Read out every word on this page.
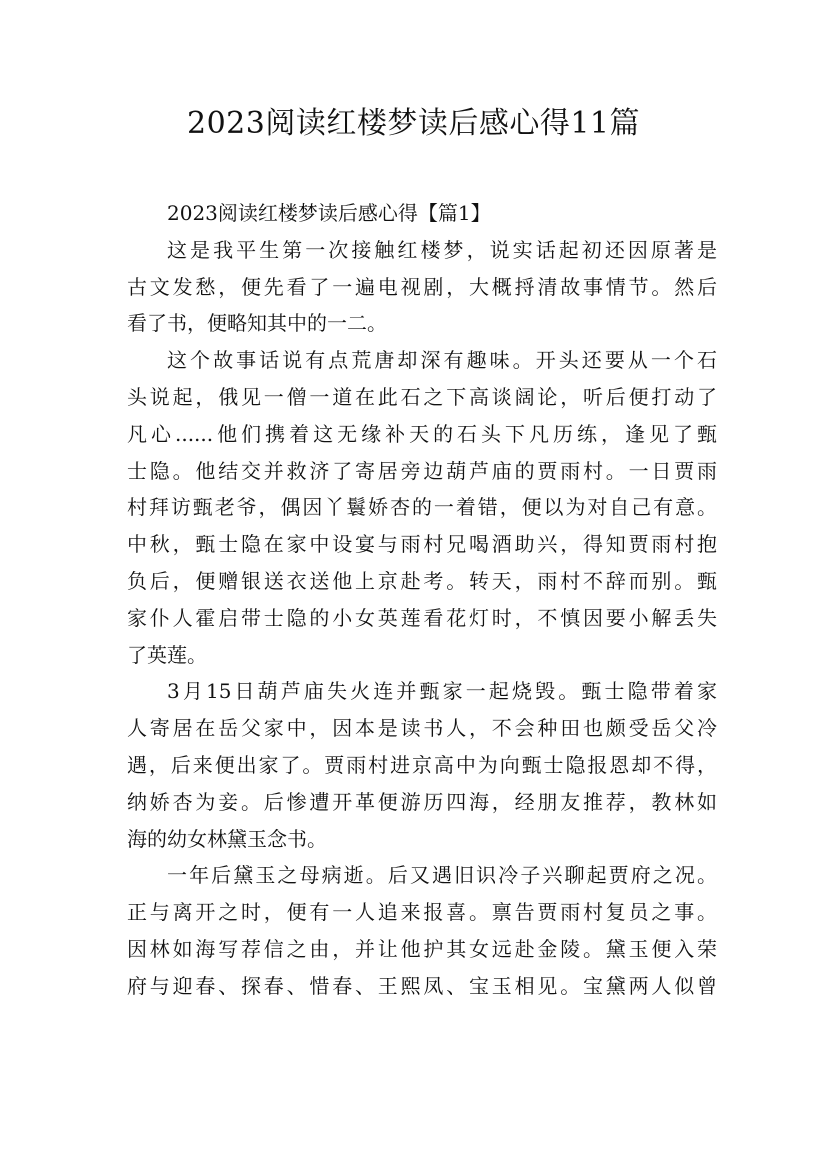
2023阅读红楼梦读后感心得11篇
2023阅读红楼梦读后感心得【篇1】
这是我平生第一次接触红楼梦，说实话起初还因原著是
古文发愁，便先看了一遍电视剧，大概捋清故事情节。然后
看了书，便略知其中的一二。
这个故事话说有点荒唐却深有趣味。开头还要从一个石
头说起，俄见一僧一道在此石之下高谈阔论，听后便打动了
凡心......他们携着这无缘补天的石头下凡历练，逢见了甄
士隐。他结交并救济了寄居旁边葫芦庙的贾雨村。一日贾雨
村拜访甄老爷，偶因丫鬟娇杏的一着错，便以为对自己有意。
中秋，甄士隐在家中设宴与雨村兄喝酒助兴，得知贾雨村抱
负后，便赠银送衣送他上京赴考。转天，雨村不辞而别。甄
家仆人霍启带士隐的小女英莲看花灯时，不慎因要小解丢失
了英莲。
3月15日葫芦庙失火连并甄家一起烧毁。甄士隐带着家
人寄居在岳父家中，因本是读书人，不会种田也颇受岳父冷
遇，后来便出家了。贾雨村进京高中为向甄士隐报恩却不得，
纳娇杏为妾。后惨遭开革便游历四海，经朋友推荐，教林如
海的幼女林黛玉念书。
一年后黛玉之母病逝。后又遇旧识冷子兴聊起贾府之况。
正与离开之时，便有一人追来报喜。禀告贾雨村复员之事。
因林如海写荐信之由，并让他护其女远赴金陵。黛玉便入荣
府与迎春、探春、惜春、王熙凤、宝玉相见。宝黛两人似曾
